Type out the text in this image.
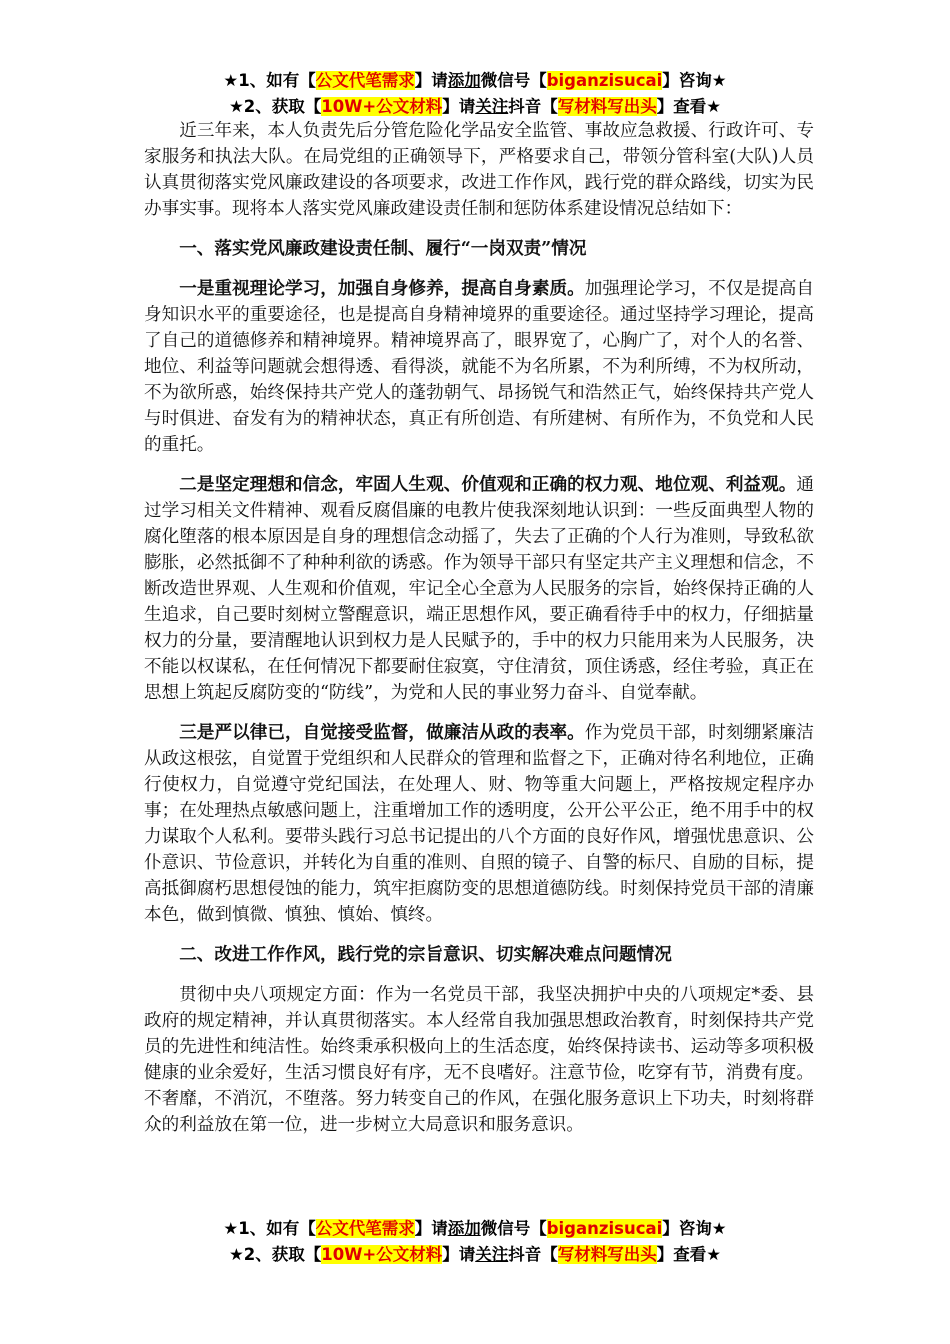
★1、如有【公文代笔需求】请添加微信号【biganzisucai】咨询★
★2、获取【10W+公文材料】请关注抖音【写材料写出头】查看★

近三年来，本人负责先后分管危险化学品安全监管、事故应急救援、行政许可、专家服务和执法大队。在局党组的正确领导下，严格要求自己，带领分管科室(大队)人员认真贯彻落实党风廉政建设的各项要求，改进工作作风，践行党的群众路线，切实为民办事实事。现将本人落实党风廉政建设责任制和惩防体系建设情况总结如下：

一、落实党风廉政建设责任制、履行“一岗双责”情况

一是重视理论学习，加强自身修养，提高自身素质。加强理论学习，不仅是提高自身知识水平的重要途径，也是提高自身精神境界的重要途径。通过坚持学习理论，提高了自己的道德修养和精神境界。精神境界高了，眼界宽了，心胸广了，对个人的名誉、地位、利益等问题就会想得透、看得淡，就能不为名所累，不为利所缚，不为权所动，不为欲所惑，始终保持共产党人的蓬勃朝气、昂扬锐气和浩然正气，始终保持共产党人与时俱进、奋发有为的精神状态，真正有所创造、有所建树、有所作为，不负党和人民的重托。

二是坚定理想和信念，牢固人生观、价值观和正确的权力观、地位观、利益观。通过学习相关文件精神、观看反腐倡廉的电教片使我深刻地认识到：一些反面典型人物的腐化堕落的根本原因是自身的理想信念动摇了，失去了正确的个人行为准则，导致私欲膨胀，必然抵御不了种种利欲的诱惑。作为领导干部只有坚定共产主义理想和信念，不断改造世界观、人生观和价值观，牢记全心全意为人民服务的宗旨，始终保持正确的人生追求，自己要时刻树立警醒意识，端正思想作风，要正确看待手中的权力，仔细掂量权力的分量，要清醒地认识到权力是人民赋予的，手中的权力只能用来为人民服务，决不能以权谋私，在任何情况下都要耐住寂寞，守住清贫，顶住诱惑，经住考验，真正在思想上筑起反腐防变的“防线”，为党和人民的事业努力奋斗、自觉奉献。

三是严以律已，自觉接受监督，做廉洁从政的表率。作为党员干部，时刻绷紧廉洁从政这根弦，自觉置于党组织和人民群众的管理和监督之下，正确对待名利地位，正确行使权力，自觉遵守党纪国法，在处理人、财、物等重大问题上，严格按规定程序办事；在处理热点敏感问题上，注重增加工作的透明度，公开公平公正，绝不用手中的权力谋取个人私利。要带头践行习总书记提出的八个方面的良好作风，增强忧患意识、公仆意识、节俭意识，并转化为自重的准则、自照的镜子、自警的标尺、自励的目标，提高抵御腐朽思想侵蚀的能力，筑牢拒腐防变的思想道德防线。时刻保持党员干部的清廉本色，做到慎微、慎独、慎始、慎终。

二、改进工作作风，践行党的宗旨意识、切实解决难点问题情况

贯彻中央八项规定方面：作为一名党员干部，我坚决拥护中央的八项规定*委、县政府的规定精神，并认真贯彻落实。本人经常自我加强思想政治教育，时刻保持共产党员的先进性和纯洁性。始终秉承积极向上的生活态度，始终保持读书、运动等多项积极健康的业余爱好，生活习惯良好有序，无不良嗜好。注意节俭，吃穿有节，消费有度。不奢靡，不消沉，不堕落。努力转变自己的作风，在强化服务意识上下功夫，时刻将群众的利益放在第一位，进一步树立大局意识和服务意识。

★1、如有【公文代笔需求】请添加微信号【biganzisucai】咨询★
★2、获取【10W+公文材料】请关注抖音【写材料写出头】查看★
